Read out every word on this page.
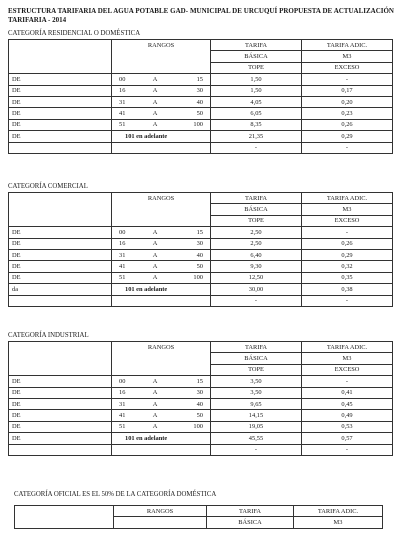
ESTRUCTURA TARIFARIA DEL AGUA POTABLE GAD- MUNICIPAL DE URCUQUÍ PROPUESTA DE ACTUALIZACIÓN TARIFARIA - 2014
CATEGORÍA RESIDENCIAL O DOMÉSTICA
	RANGOS	TARIFA	TARIFA ADIC.
		BÁSICA	M3
		TOPE	EXCESO
DE	00 A 15	1,50	-
DE	16 A 30	1,50	0,17
DE	31 A 40	4,05	0,20
DE	41 A 50	6,05	0,23
DE	51 A 100	8,35	0,26
DE	101 en adelante	21,35	0,29
		-	-
CATEGORÍA COMERCIAL
	RANGOS	TARIFA	TARIFA ADIC.
		BÁSICA	M3
		TOPE	EXCESO
DE	00 A 15	2,50	-
DE	16 A 30	2,50	0,26
DE	31 A 40	6,40	0,29
DE	41 A 50	9,30	0,32
DE	51 A 100	12,50	0,35
da	101 en adelante	30,00	0,38
		-	-
CATEGORÍA INDUSTRIAL
	RANGOS	TARIFA	TARIFA ADIC.
		BÁSICA	M3
		TOPE	EXCESO
DE	00 A 15	3,50	-
DE	16 A 30	3,50	0,41
DE	31 A 40	9,65	0,45
DE	41 A 50	14,15	0,49
DE	51 A 100	19,05	0,53
DE	101 en adelante	45,55	0,57
		-	-
CATEGORÍA OFICIAL ES EL 50% DE LA CATEGORÍA DOMÉSTICA
	RANGOS	TARIFA	TARIFA ADIC.
		BÁSICA	M3
